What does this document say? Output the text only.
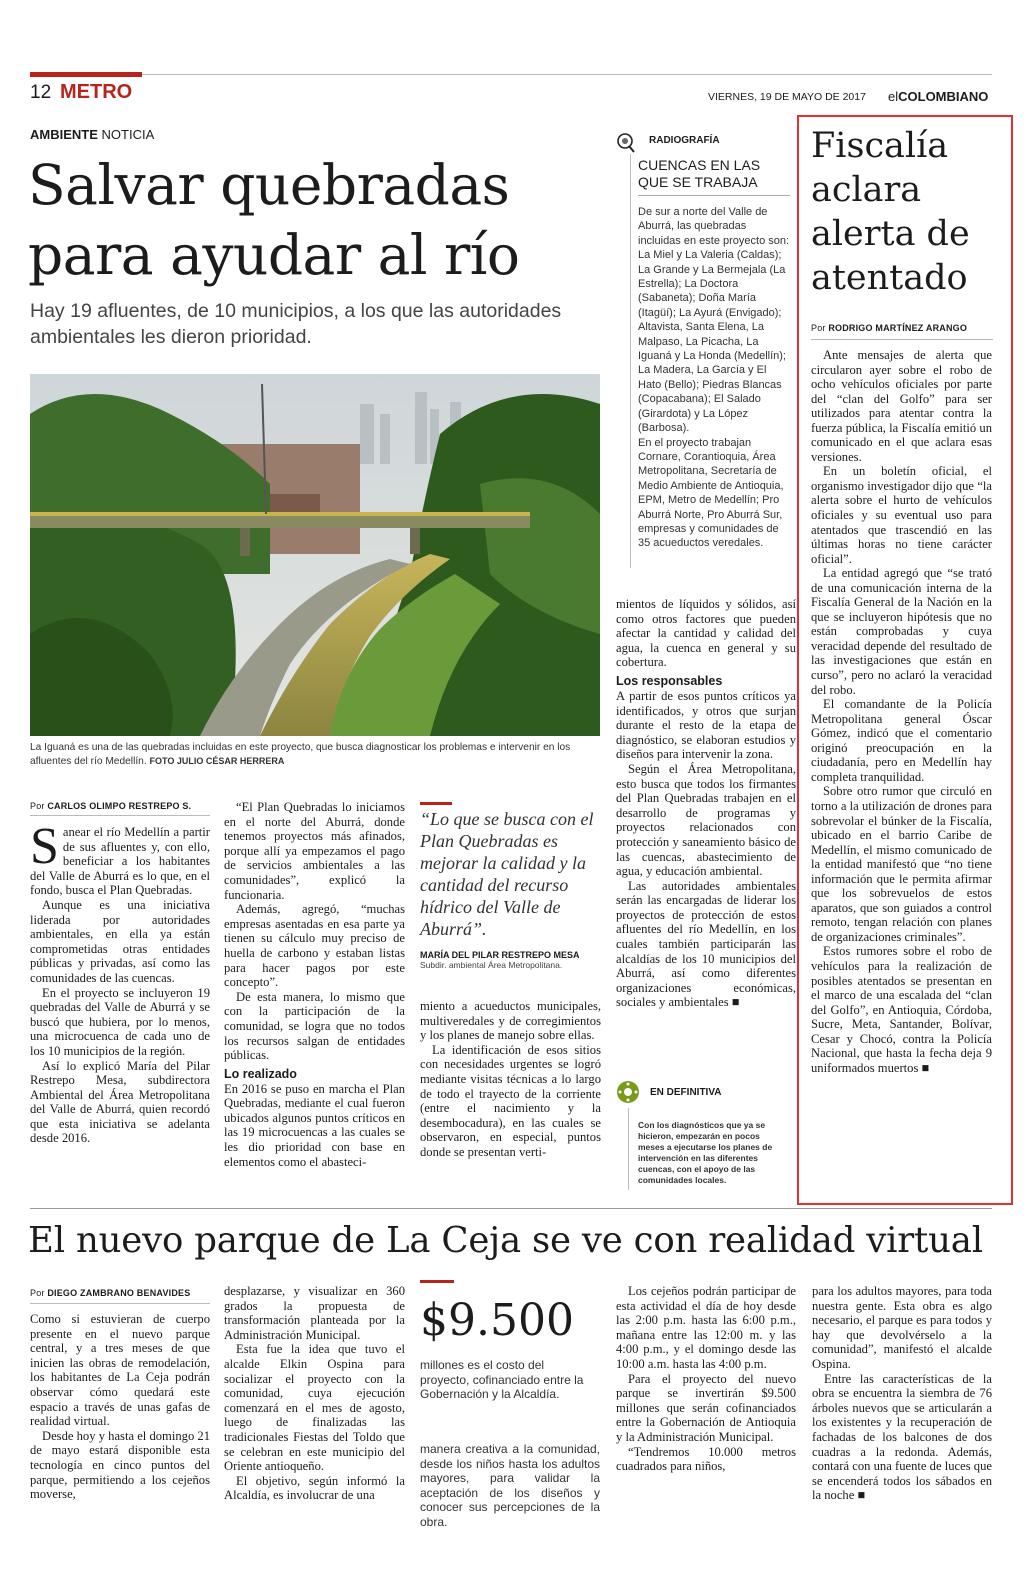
12 METRO	VIERNES, 19 DE MAYO DE 2017 elCOLOMBIANO
AMBIENTE NOTICIA
Salvar quebradas
para ayudar al río
Hay 19 afluentes, de 10 municipios, a los que las autoridades ambientales les dieron prioridad.
La Iguaná es una de las quebradas incluidas en este proyecto, que busca diagnosticar los problemas e intervenir en los afluentes del río Medellín. FOTO JULIO CÉSAR HERRERA
RADIOGRAFÍA
CUENCAS EN LAS QUE SE TRABAJA
De sur a norte del Valle de Aburrá, las quebradas incluidas en este proyecto son: La Miel y La Valeria (Caldas); La Grande y La Bermejala (La Estrella); La Doctora (Sabaneta); Doña María (Itagüí); La Ayurá (Envigado); Altavista, Santa Elena, La Malpaso, La Picacha, La Iguaná y La Honda (Medellín); La Madera, La García y El Hato (Bello); Piedras Blancas (Copacabana); El Salado (Girardota) y La López (Barbosa).
En el proyecto trabajan Cornare, Corantioquia, Área Metropolitana, Secretaría de Medio Ambiente de Antioquia, EPM, Metro de Medellín; Pro Aburrá Norte, Pro Aburrá Sur, empresas y comunidades de 35 acueductos veredales.
Por CARLOS OLIMPO RESTREPO S.

Sanear el río Medellín a partir de sus afluentes y, con ello, beneficiar a los habitantes del Valle de Aburrá es lo que, en el fondo, busca el Plan Quebradas.

Aunque es una iniciativa liderada por autoridades ambientales, en ella ya están comprometidas otras entidades públicas y privadas, así como las comunidades de las cuencas.

En el proyecto se incluyeron 19 quebradas del Valle de Aburrá y se buscó que hubiera, por lo menos, una microcuenca de cada uno de los 10 municipios de la región.

Así lo explicó María del Pilar Restrepo Mesa, subdirectora Ambiental del Área Metropolitana del Valle de Aburrá, quien recordó que esta iniciativa se adelanta desde 2016.

“El Plan Quebradas lo iniciamos en el norte del Aburrá, donde tenemos proyectos más afinados, porque allí ya empezamos el pago de servicios ambientales a las comunidades”, explicó la funcionaria.

Además, agregó, “muchas empresas asentadas en esa parte ya tienen su cálculo muy preciso de huella de carbono y estaban listas para hacer pagos por este concepto”.

De esta manera, lo mismo que con la participación de la comunidad, se logra que no todos los recursos salgan de entidades públicas.

Lo realizado

En 2016 se puso en marcha el Plan Quebradas, mediante el cual fueron ubicados algunos puntos críticos en las 19 microcuencas a las cuales se les dio prioridad con base en elementos como el abasteci-

“Lo que se busca con el Plan Quebradas es mejorar la calidad y la cantidad del recurso hídrico del Valle de Aburrá”.
MARÍA DEL PILAR RESTREPO MESA
Subdir. ambiental Área Metropolitana.

miento a acueductos municipales, multiveredales y de corregimientos y los planes de manejo sobre ellas.

La identificación de esos sitios con necesidades urgentes se logró mediante visitas técnicas a lo largo de todo el trayecto de la corriente (entre el nacimiento y la desembocadura), en las cuales se observaron, en especial, puntos donde se presentan verti-

mientos de líquidos y sólidos, así como otros factores que pueden afectar la cantidad y calidad del agua, la cuenca en general y su cobertura.

Los responsables

A partir de esos puntos críticos ya identificados, y otros que surjan durante el resto de la etapa de diagnóstico, se elaboran estudios y diseños para intervenir la zona.

Según el Área Metropolitana, esto busca que todos los firmantes del Plan Quebradas trabajen en el desarrollo de programas y proyectos relacionados con protección y saneamiento básico de las cuencas, abastecimiento de agua, y educación ambiental.

Las autoridades ambientales serán las encargadas de liderar los proyectos de protección de estos afluentes del río Medellín, en los cuales también participarán las alcaldías de los 10 municipios del Aburrá, así como diferentes organizaciones económicas, sociales y ambientales ■

EN DEFINITIVA
Con los diagnósticos que ya se hicieron, empezarán en pocos meses a ejecutarse los planes de intervención en las diferentes cuencas, con el apoyo de las comunidades locales.
Fiscalía
aclara
alerta de
atentado
Por RODRIGO MARTÍNEZ ARANGO

Ante mensajes de alerta que circularon ayer sobre el robo de ocho vehículos oficiales por parte del “clan del Golfo” para ser utilizados para atentar contra la fuerza pública, la Fiscalía emitió un comunicado en el que aclara esas versiones.

En un boletín oficial, el organismo investigador dijo que “la alerta sobre el hurto de vehículos oficiales y su eventual uso para atentados que trascendió en las últimas horas no tiene carácter oficial”.

La entidad agregó que “se trató de una comunicación interna de la Fiscalía General de la Nación en la que se incluyeron hipótesis que no están comprobadas y cuya veracidad depende del resultado de las investigaciones que están en curso”, pero no aclaró la veracidad del robo.

El comandante de la Policía Metropolitana general Óscar Gómez, indicó que el comentario originó preocupación en la ciudadanía, pero en Medellín hay completa tranquilidad.

Sobre otro rumor que circuló en torno a la utilización de drones para sobrevolar el búnker de la Fiscalía, ubicado en el barrio Caribe de Medellín, el mismo comunicado de la entidad manifestó que “no tiene información que le permita afirmar que los sobrevuelos de estos aparatos, que son guiados a control remoto, tengan relación con planes de organizaciones criminales”.

Estos rumores sobre el robo de vehículos para la realización de posibles atentados se presentan en el marco de una escalada del “clan del Golfo”, en Antioquia, Córdoba, Sucre, Meta, Santander, Bolívar, Cesar y Chocó, contra la Policía Nacional, que hasta la fecha deja 9 uniformados muertos ■

El nuevo parque de La Ceja se ve con realidad virtual
Por DIEGO ZAMBRANO BENAVIDES

Como si estuvieran de cuerpo presente en el nuevo parque central, y a tres meses de que inicien las obras de remodelación, los habitantes de La Ceja podrán observar cómo quedará este espacio a través de unas gafas de realidad virtual.

Desde hoy y hasta el domingo 21 de mayo estará disponible esta tecnología en cinco puntos del parque, permitiendo a los cejeños moverse,

desplazarse, y visualizar en 360 grados la propuesta de transformación planteada por la Administración Municipal.

Esta fue la idea que tuvo el alcalde Elkin Ospina para socializar el proyecto con la comunidad, cuya ejecución comenzará en el mes de agosto, luego de finalizadas las tradicionales Fiestas del Toldo que se celebran en este municipio del Oriente antioqueño.

El objetivo, según informó la Alcaldía, es involucrar de una

$9.500
millones es el costo del proyecto, cofinanciado entre la Gobernación y la Alcaldía.

manera creativa a la comunidad, desde los niños hasta los adultos mayores, para validar la aceptación de los diseños y conocer sus percepciones de la obra.

Los cejeños podrán participar de esta actividad el día de hoy desde las 2:00 p.m. hasta las 6:00 p.m., mañana entre las 12:00 m. y las 4:00 p.m., y el domingo desde las 10:00 a.m. hasta las 4:00 p.m.

Para el proyecto del nuevo parque se invertirán $9.500 millones que serán cofinanciados entre la Gobernación de Antioquia y la Administración Municipal.

“Tendremos 10.000 metros cuadrados para niños,

para los adultos mayores, para toda nuestra gente. Esta obra es algo necesario, el parque es para todos y hay que devolvérselo a la comunidad”, manifestó el alcalde Ospina.

Entre las características de la obra se encuentra la siembra de 76 árboles nuevos que se articularán a los existentes y la recuperación de fachadas de los balcones de dos cuadras a la redonda. Además, contará con una fuente de luces que se encenderá todos los sábados en la noche ■
